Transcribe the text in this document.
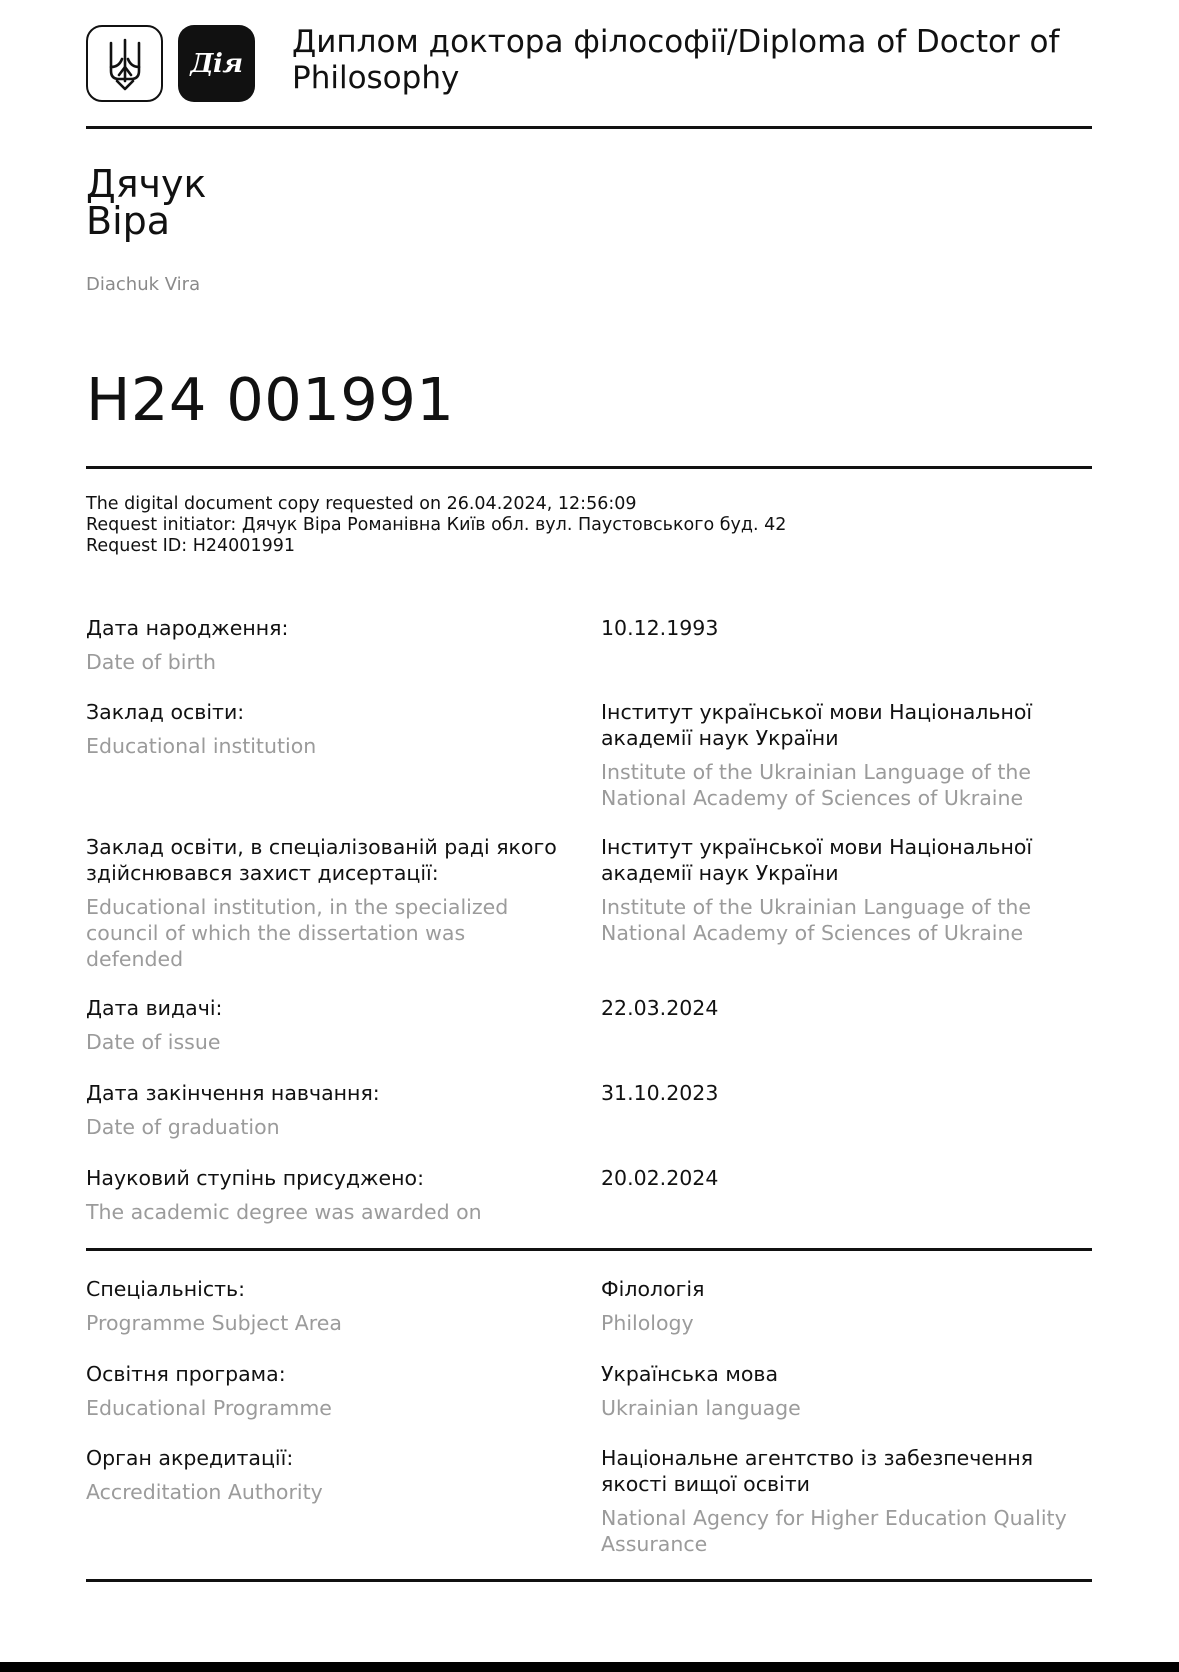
Дія
Диплом доктора філософії/Diploma of Doctor of Philosophy
Дячук
Віра
Diachuk Vira
H24 001991
The digital document copy requested on 26.04.2024, 12:56:09
Request initiator: Дячук Віра Романівна Київ обл. вул. Паустовського буд. 42
Request ID: H24001991
Дата народження:
Date of birth
10.12.1993
Заклад освіти:
Educational institution
Інститут української мови Національної академії наук України
Institute of the Ukrainian Language of the National Academy of Sciences of Ukraine
Заклад освіти, в спеціалізованій раді якого здійснювався захист дисертації:
Educational institution, in the specialized council of which the dissertation was defended
Інститут української мови Національної академії наук України
Institute of the Ukrainian Language of the National Academy of Sciences of Ukraine
Дата видачі:
Date of issue
22.03.2024
Дата закінчення навчання:
Date of graduation
31.10.2023
Науковий ступінь присуджено:
The academic degree was awarded on
20.02.2024
Спеціальність:
Programme Subject Area
Філологія
Philology
Освітня програма:
Educational Programme
Українська мова
Ukrainian language
Орган акредитації:
Accreditation Authority
Національне агентство із забезпечення якості вищої освіти
National Agency for Higher Education Quality Assurance
